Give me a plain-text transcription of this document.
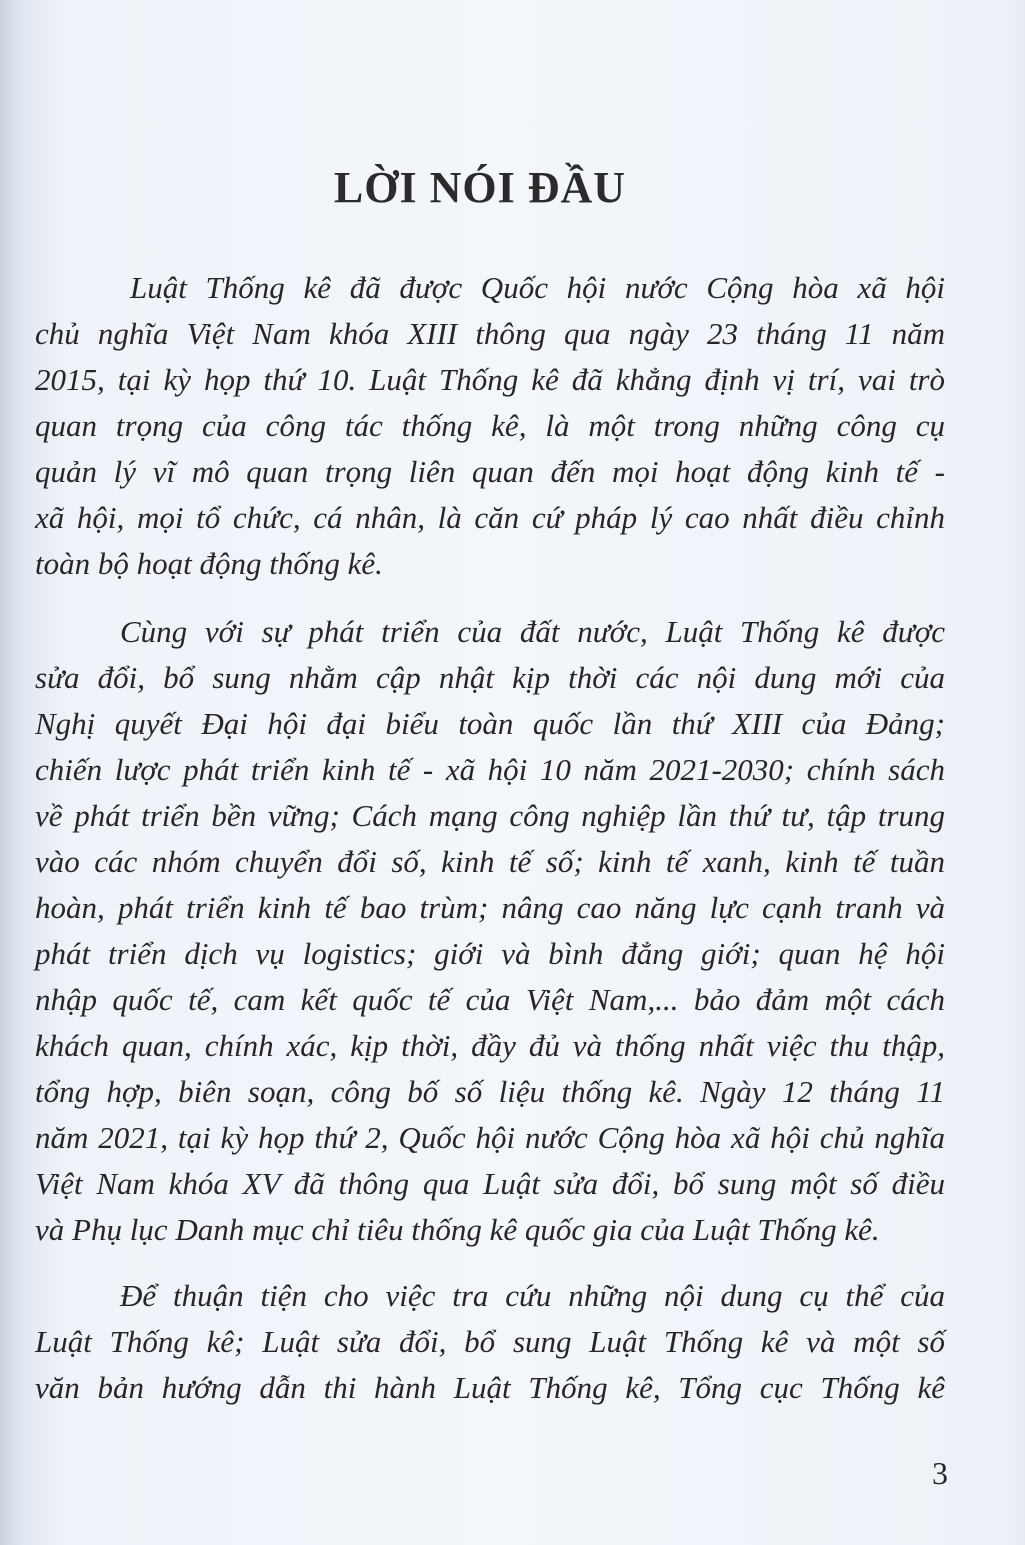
LỜI NÓI ĐẦU
Luật Thống kê đã được Quốc hội nước Cộng hòa xã hội
chủ nghĩa Việt Nam khóa XIII thông qua ngày 23 tháng 11 năm
2015, tại kỳ họp thứ 10. Luật Thống kê đã khẳng định vị trí, vai trò
quan trọng của công tác thống kê, là một trong những công cụ
quản lý vĩ mô quan trọng liên quan đến mọi hoạt động kinh tế -
xã hội, mọi tổ chức, cá nhân, là căn cứ pháp lý cao nhất điều chỉnh
toàn bộ hoạt động thống kê.
Cùng với sự phát triển của đất nước, Luật Thống kê được
sửa đổi, bổ sung nhằm cập nhật kịp thời các nội dung mới của
Nghị quyết Đại hội đại biểu toàn quốc lần thứ XIII của Đảng;
chiến lược phát triển kinh tế - xã hội 10 năm 2021-2030; chính sách
về phát triển bền vững; Cách mạng công nghiệp lần thứ tư, tập trung
vào các nhóm chuyển đổi số, kinh tế số; kinh tế xanh, kinh tế tuần
hoàn, phát triển kinh tế bao trùm; nâng cao năng lực cạnh tranh và
phát triển dịch vụ logistics; giới và bình đẳng giới; quan hệ hội
nhập quốc tế, cam kết quốc tế của Việt Nam,... bảo đảm một cách
khách quan, chính xác, kịp thời, đầy đủ và thống nhất việc thu thập,
tổng hợp, biên soạn, công bố số liệu thống kê. Ngày 12 tháng 11
năm 2021, tại kỳ họp thứ 2, Quốc hội nước Cộng hòa xã hội chủ nghĩa
Việt Nam khóa XV đã thông qua Luật sửa đổi, bổ sung một số điều
và Phụ lục Danh mục chỉ tiêu thống kê quốc gia của Luật Thống kê.
Để thuận tiện cho việc tra cứu những nội dung cụ thể của
Luật Thống kê; Luật sửa đổi, bổ sung Luật Thống kê và một số
văn bản hướng dẫn thi hành Luật Thống kê, Tổng cục Thống kê
3
